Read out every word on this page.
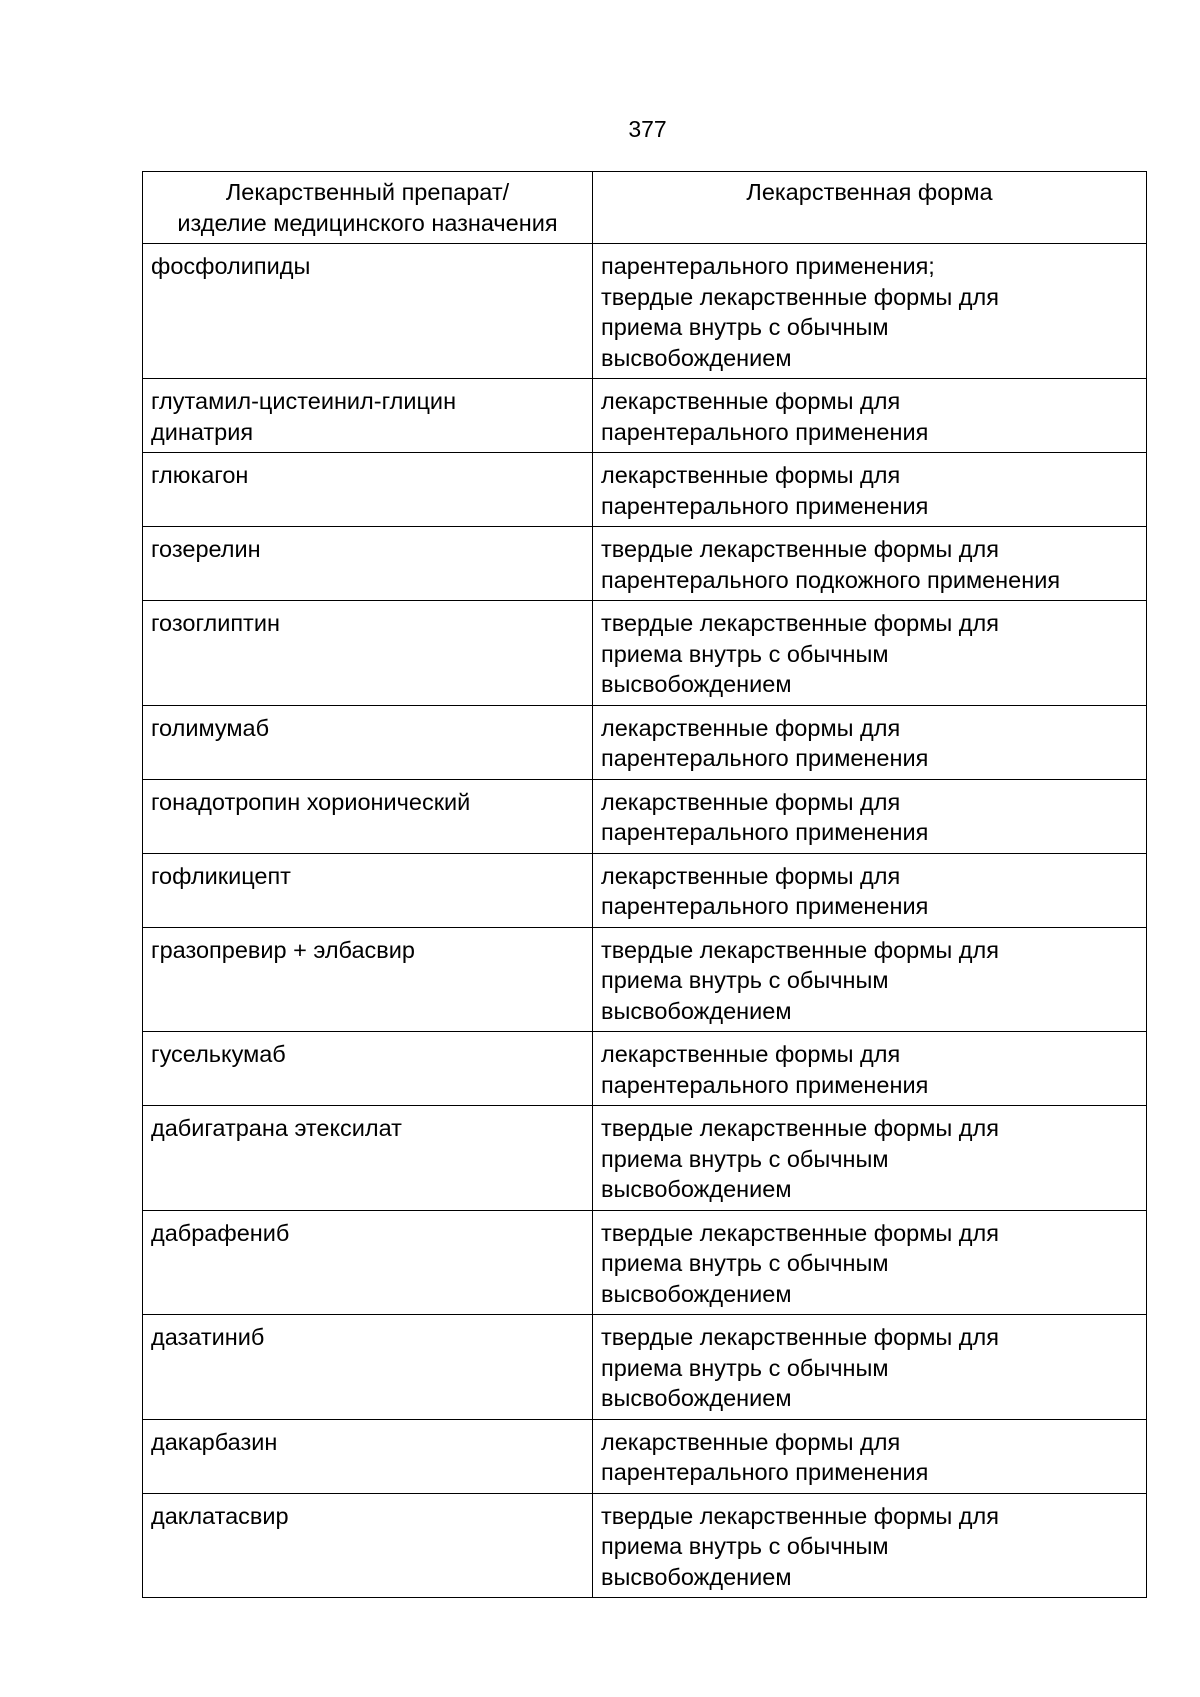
377
Лекарственный препарат/
изделие медицинского назначения	Лекарственная форма

фосфолипиды	парентерального применения;
твердые лекарственные формы для
приема внутрь с обычным
высвобождением

глутамил-цистеинил-глицин
динатрия	лекарственные формы для
парентерального применения

глюкагон	лекарственные формы для
парентерального применения

гозерелин	твердые лекарственные формы для
парентерального подкожного применения

гозоглиптин	твердые лекарственные формы для
приема внутрь с обычным
высвобождением

голимумаб	лекарственные формы для
парентерального применения

гонадотропин хорионический	лекарственные формы для
парентерального применения

гофликицепт	лекарственные формы для
парентерального применения

гразопревир + элбасвир	твердые лекарственные формы для
приема внутрь с обычным
высвобождением

гуселькумаб	лекарственные формы для
парентерального применения

дабигатрана этексилат	твердые лекарственные формы для
приема внутрь с обычным
высвобождением

дабрафениб	твердые лекарственные формы для
приема внутрь с обычным
высвобождением

дазатиниб	твердые лекарственные формы для
приема внутрь с обычным
высвобождением

дакарбазин	лекарственные формы для
парентерального применения

даклатасвир	твердые лекарственные формы для
приема внутрь с обычным
высвобождением
